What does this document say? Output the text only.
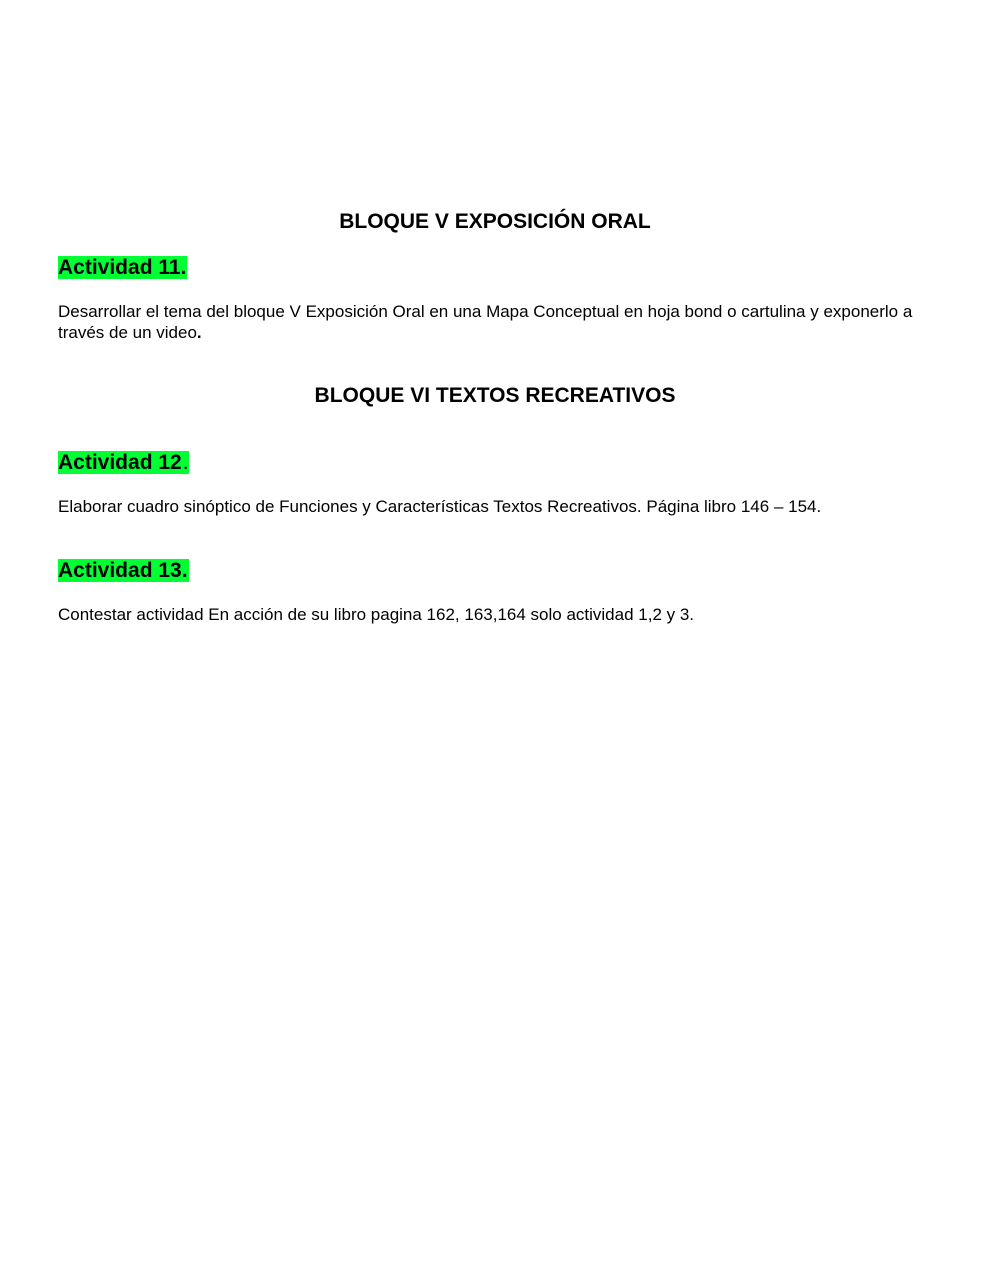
BLOQUE V EXPOSICIÓN ORAL

Actividad 11.

Desarrollar el tema del bloque V Exposición Oral en una Mapa Conceptual en hoja bond o cartulina y exponerlo a través de un video.

BLOQUE VI TEXTOS RECREATIVOS

Actividad 12.

Elaborar cuadro sinóptico de Funciones y Características Textos Recreativos. Página libro 146 – 154.

Actividad 13.

Contestar actividad En acción de su libro pagina 162, 163,164 solo actividad 1,2 y 3.
